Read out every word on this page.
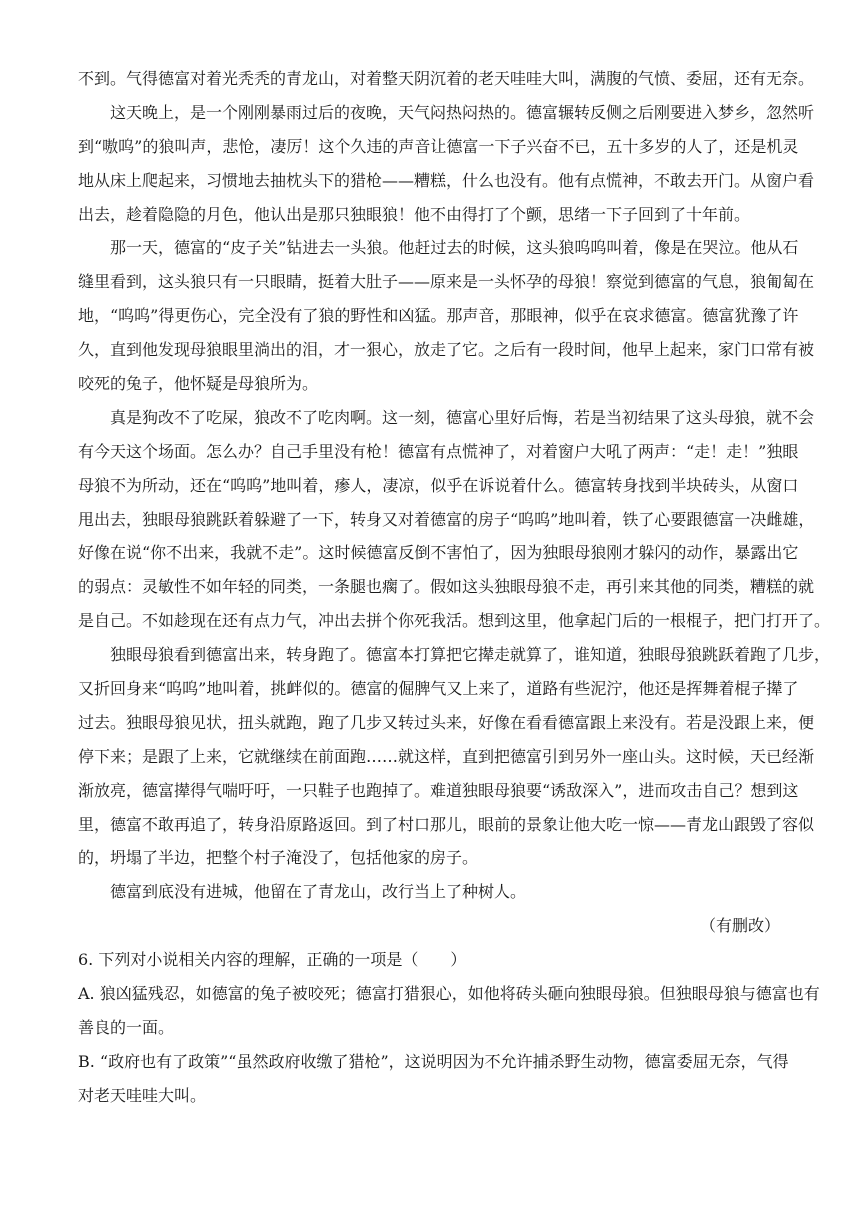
不到。气得德富对着光秃秃的青龙山，对着整天阴沉着的老天哇哇大叫，满腹的气愤、委屈，还有无奈。
这天晚上，是一个刚刚暴雨过后的夜晚，天气闷热闷热的。德富辗转反侧之后刚要进入梦乡，忽然听
到“嗷呜”的狼叫声，悲怆，凄厉！这个久违的声音让德富一下子兴奋不已，五十多岁的人了，还是机灵
地从床上爬起来，习惯地去抽枕头下的猎枪——糟糕，什么也没有。他有点慌神，不敢去开门。从窗户看
出去，趁着隐隐的月色，他认出是那只独眼狼！他不由得打了个颤，思绪一下子回到了十年前。
那一天，德富的“皮子关”钻进去一头狼。他赶过去的时候，这头狼呜呜叫着，像是在哭泣。他从石
缝里看到，这头狼只有一只眼睛，挺着大肚子——原来是一头怀孕的母狼！察觉到德富的气息，狼匍匐在
地，“呜呜”得更伤心，完全没有了狼的野性和凶猛。那声音，那眼神，似乎在哀求德富。德富犹豫了许
久，直到他发现母狼眼里淌出的泪，才一狠心，放走了它。之后有一段时间，他早上起来，家门口常有被
咬死的兔子，他怀疑是母狼所为。
真是狗改不了吃屎，狼改不了吃肉啊。这一刻，德富心里好后悔，若是当初结果了这头母狼，就不会
有今天这个场面。怎么办？自己手里没有枪！德富有点慌神了，对着窗户大吼了两声：“走！走！”独眼
母狼不为所动，还在“呜呜”地叫着，瘆人，凄凉，似乎在诉说着什么。德富转身找到半块砖头，从窗口
甩出去，独眼母狼跳跃着躲避了一下，转身又对着德富的房子“呜呜”地叫着，铁了心要跟德富一决雌雄，
好像在说“你不出来，我就不走”。这时候德富反倒不害怕了，因为独眼母狼刚才躲闪的动作，暴露出它
的弱点：灵敏性不如年轻的同类，一条腿也瘸了。假如这头独眼母狼不走，再引来其他的同类，糟糕的就
是自己。不如趁现在还有点力气，冲出去拼个你死我活。想到这里，他拿起门后的一根棍子，把门打开了。
独眼母狼看到德富出来，转身跑了。德富本打算把它撵走就算了，谁知道，独眼母狼跳跃着跑了几步，
又折回身来“呜呜”地叫着，挑衅似的。德富的倔脾气又上来了，道路有些泥泞，他还是挥舞着棍子撵了
过去。独眼母狼见状，扭头就跑，跑了几步又转过头来，好像在看看德富跟上来没有。若是没跟上来，便
停下来；是跟了上来，它就继续在前面跑……就这样，直到把德富引到另外一座山头。这时候，天已经渐
渐放亮，德富撵得气喘吁吁，一只鞋子也跑掉了。难道独眼母狼要“诱敌深入”，进而攻击自己？想到这
里，德富不敢再追了，转身沿原路返回。到了村口那儿，眼前的景象让他大吃一惊——青龙山跟毁了容似
的，坍塌了半边，把整个村子淹没了，包括他家的房子。
德富到底没有进城，他留在了青龙山，改行当上了种树人。
（有删改）
6. 下列对小说相关内容的理解，正确的一项是（　　）
A. 狼凶猛残忍，如德富的兔子被咬死；德富打猎狠心，如他将砖头砸向独眼母狼。但独眼母狼与德富也有
善良的一面。
B. “政府也有了政策”“虽然政府收缴了猎枪”，这说明因为不允许捕杀野生动物，德富委屈无奈，气得
对老天哇哇大叫。
